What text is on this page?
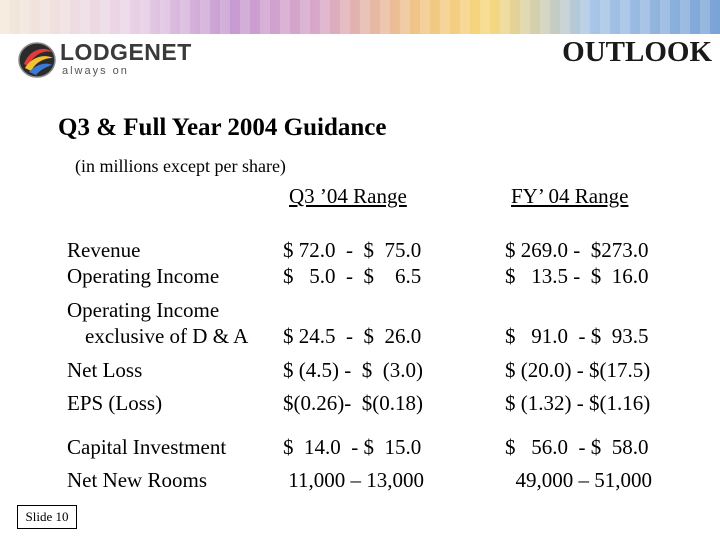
LODGENET
always on
OUTLOOK
Q3 & Full Year 2004 Guidance
(in millions except per share)
Q3 ’04 Range	FY’ 04 Range
Revenue	$ 72.0  -  $  75.0	$ 269.0 -  $273.0
Operating Income	$   5.0  -  $    6.5	$   13.5 -  $  16.0
Operating Income
exclusive of D & A $ 24.5  -  $  26.0	$   91.0  - $  93.5
Net Loss	$ (4.5) -  $  (3.0)	$ (20.0) - $(17.5)
EPS (Loss)	$(0.26)-  $(0.18)	$ (1.32) - $(1.16)
Capital Investment	$  14.0  - $  15.0	$   56.0  - $  58.0
Net New Rooms	11,000 – 13,000	49,000 – 51,000
Slide 10
